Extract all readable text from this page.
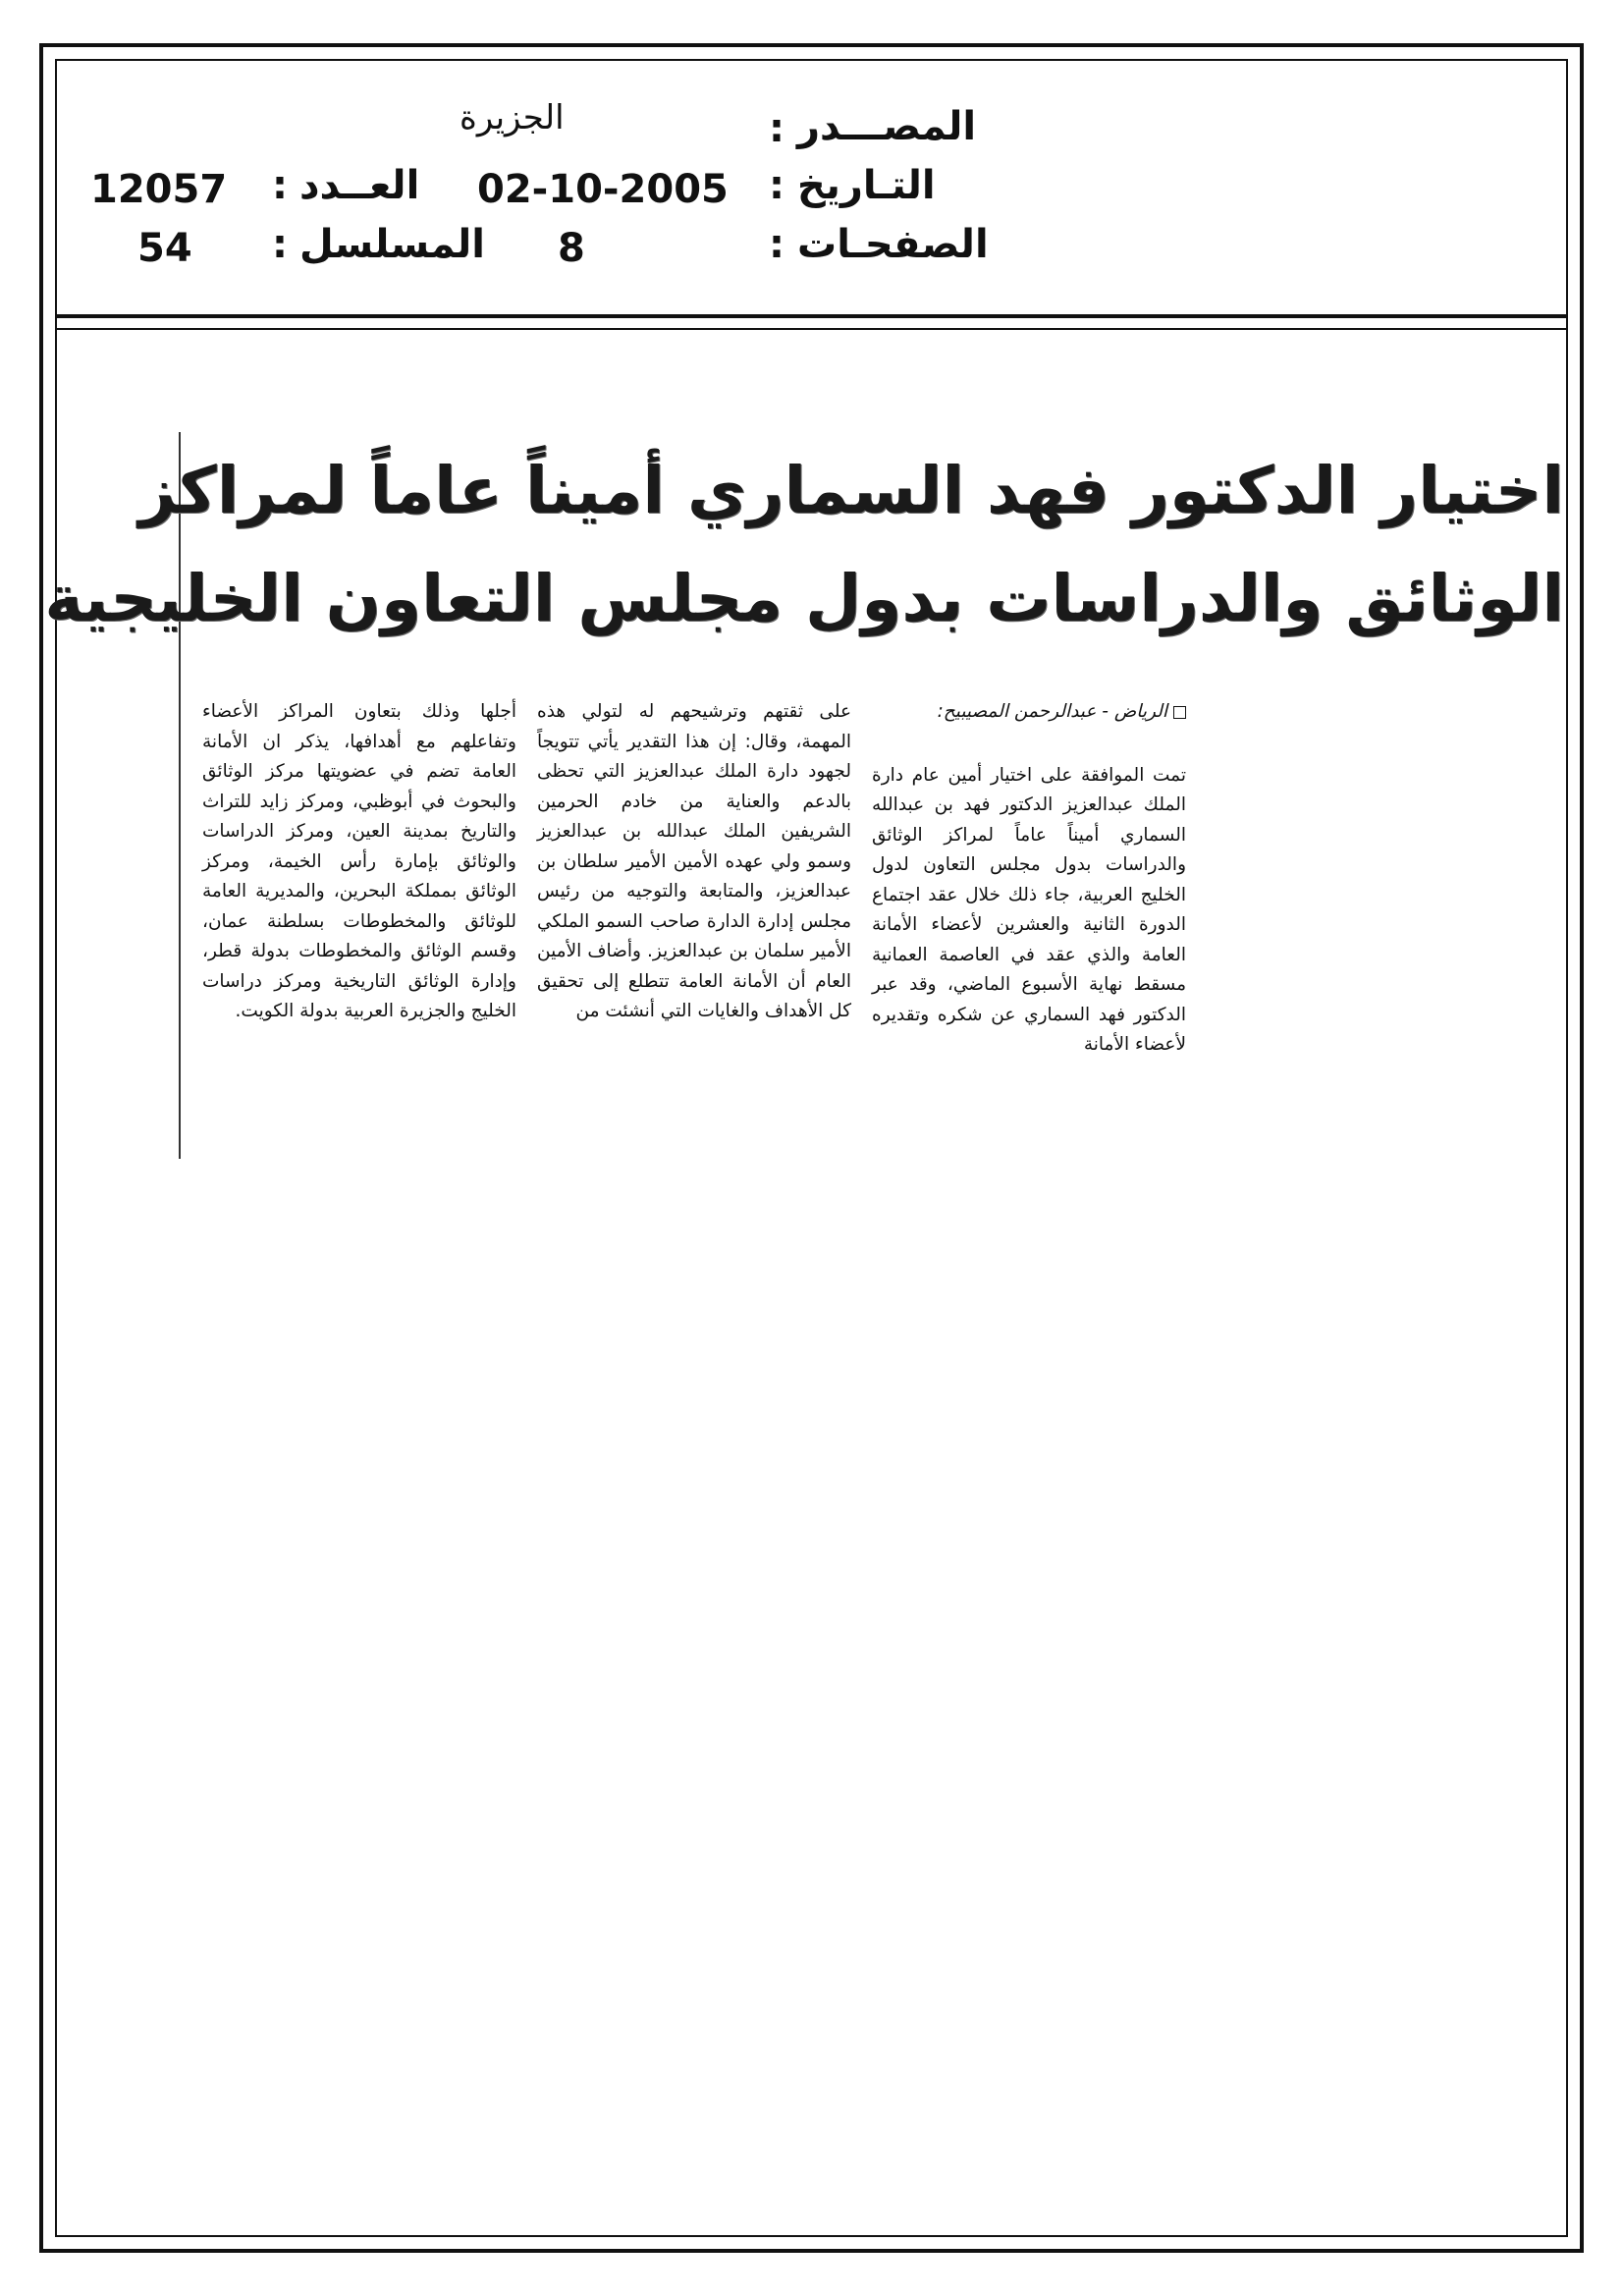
المصـــدر
:
الجزيرة
التـاريخ
:
02-10-2005
العــدد
:
12057
الصفحـات
:
8
المسلسل
:
54
اختيار الدكتور فهد السماري أميناً عاماً لمراكز
الوثائق والدراسات بدول مجلس التعاون الخليجية
الرياض - عبدالرحمن المصيبيح:
تمت الموافقة على اختيار أمين عام دارة الملك عبدالعزيز الدكتور فهد بن عبدالله السماري أميناً عاماً لمراكز الوثائق والدراسات بدول مجلس التعاون لدول الخليج العربية، جاء ذلك خلال عقد اجتماع الدورة الثانية والعشرين لأعضاء الأمانة العامة والذي عقد في العاصمة العمانية مسقط نهاية الأسبوع الماضي، وقد عبر الدكتور فهد السماري عن شكره وتقديره لأعضاء الأمانة
على ثقتهم وترشيحهم له لتولي هذه المهمة، وقال: إن هذا التقدير يأتي تتويجاً لجهود دارة الملك عبدالعزيز التي تحظى بالدعم والعناية من خادم الحرمين الشريفين الملك عبدالله بن عبدالعزيز وسمو ولي عهده الأمين الأمير سلطان بن عبدالعزيز، والمتابعة والتوجيه من رئيس مجلس إدارة الدارة صاحب السمو الملكي الأمير سلمان بن عبدالعزيز. وأضاف الأمين العام أن الأمانة العامة تتطلع إلى تحقيق كل الأهداف والغايات التي أنشئت من
أجلها وذلك بتعاون المراكز الأعضاء وتفاعلهم مع أهدافها، يذكر ان الأمانة العامة تضم في عضويتها مركز الوثائق والبحوث في أبوظبي، ومركز زايد للتراث والتاريخ بمدينة العين، ومركز الدراسات والوثائق بإمارة رأس الخيمة، ومركز الوثائق بمملكة البحرين، والمديرية العامة للوثائق والمخطوطات بسلطنة عمان، وقسم الوثائق والمخطوطات بدولة قطر، وإدارة الوثائق التاريخية ومركز دراسات الخليج والجزيرة العربية بدولة الكويت.
